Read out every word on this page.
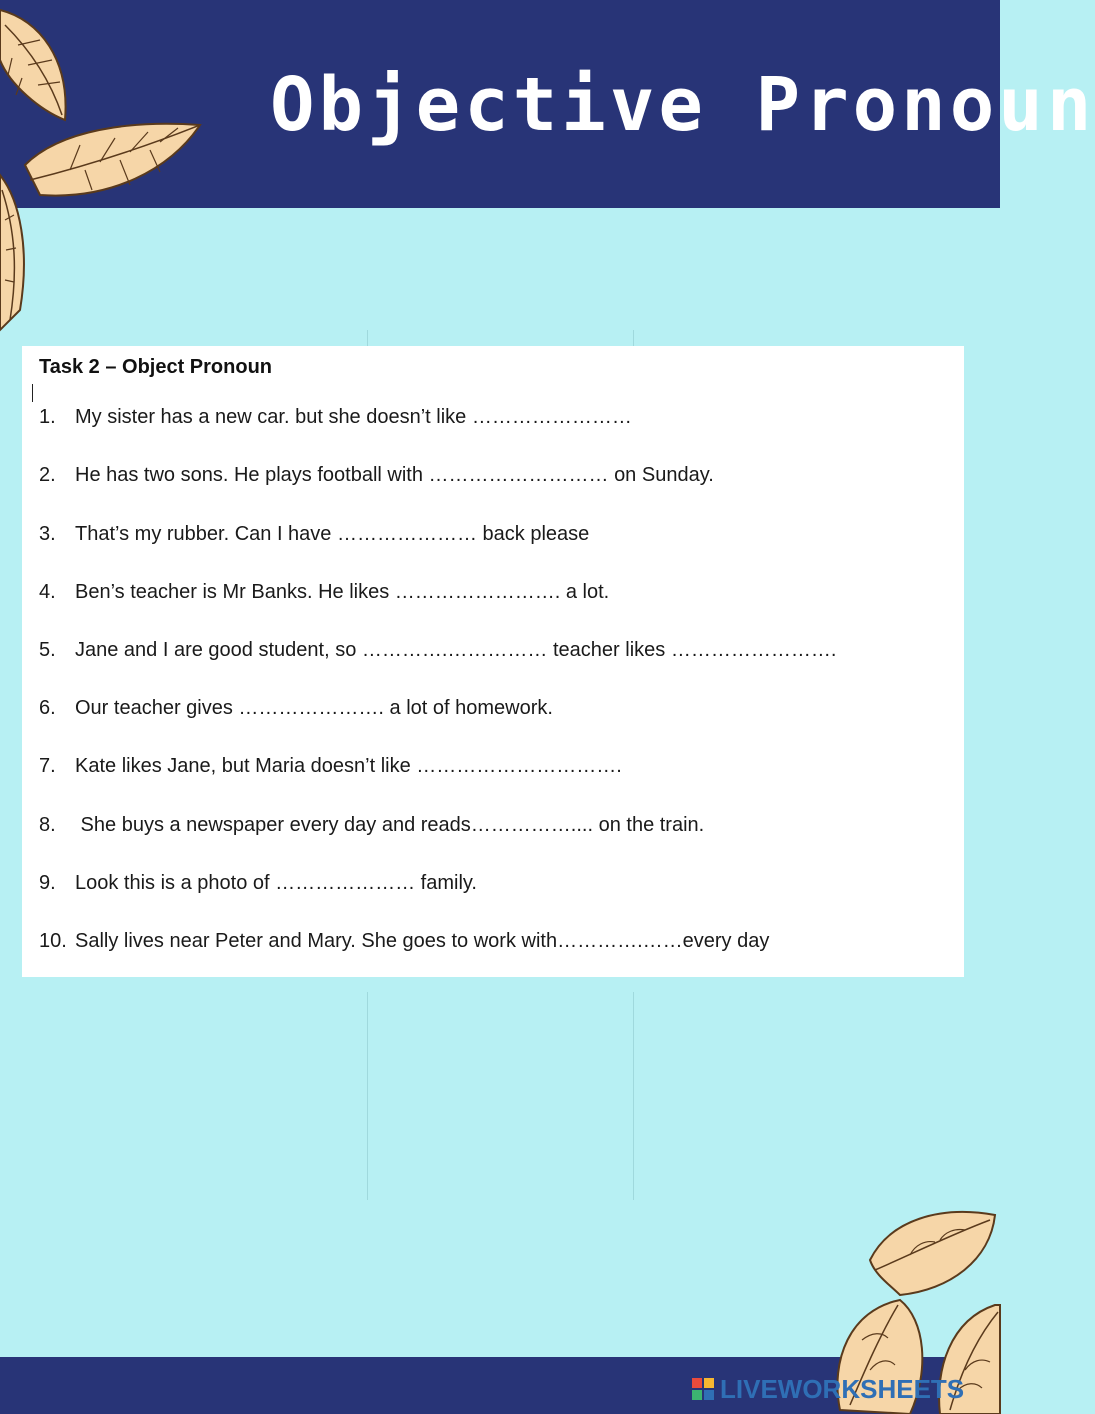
Objective Pronoun
Task 2 – Object Pronoun
1. My sister has a new car. but she doesn’t like ……………………
2. He has two sons. He plays football with ……………………… on Sunday.
3. That’s my rubber. Can I have ………………… back please
4. Ben’s teacher is Mr Banks. He likes ……………………. a lot.
5. Jane and I are good student, so ………….…………… teacher likes …………………….
6. Our teacher gives …………………. a lot of homework.
7. Kate likes Jane, but Maria doesn’t like ………………………….
8. She buys a newspaper every day and reads…………….... on the train.
9. Look this is a photo of ………………… family.
10. Sally lives near Peter and Mary. She goes to work with………….……every day
LIVEWORKSHEETS
